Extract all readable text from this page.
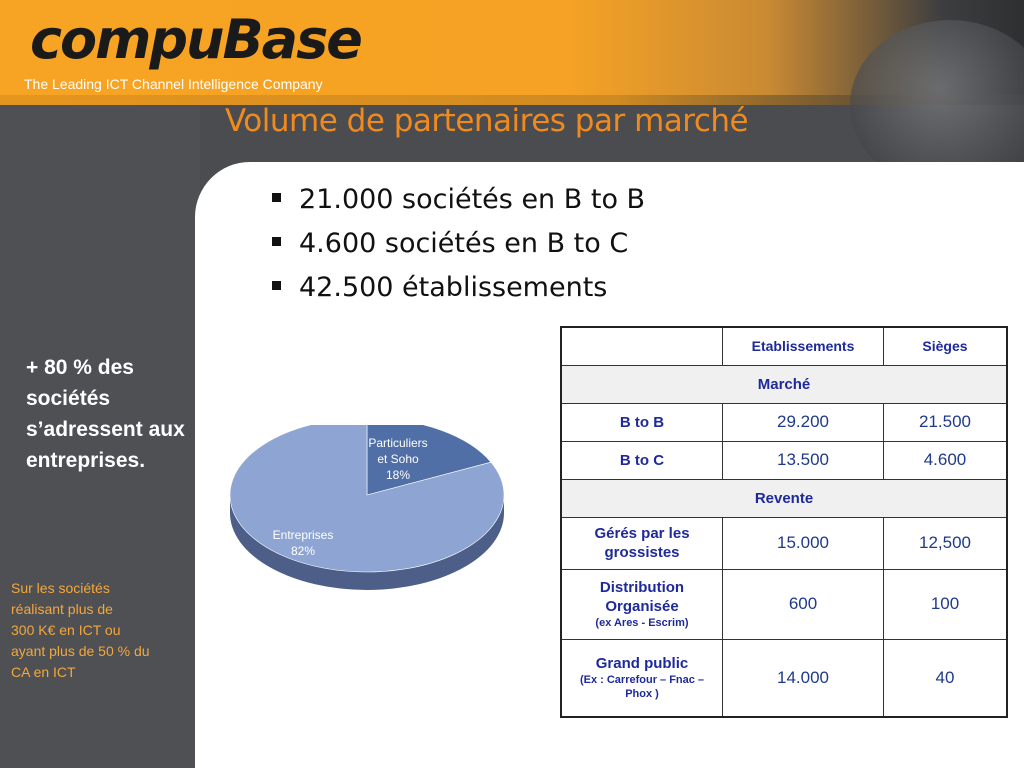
compuBase
The Leading ICT Channel Intelligence Company
Volume de partenaires par marché
21.000 sociétés en B to B
4.600 sociétés en B to C
42.500 établissements
+ 80 % des sociétés s’adressent aux entreprises.
Sur les sociétés
réalisant plus de
300 K€ en ICT ou
ayant plus de 50 % du
CA en ICT
Particuliers
et Soho
18%
Entreprises
82%
	Etablissements	Sièges
Marché		
B to B	29.200	21.500
B to C	13.500	4.600
Revente		
Gérés par les grossistes	15.000	12,500
Distribution Organisée
(ex Ares - Escrim)	600	100
Grand public
(Ex : Carrefour – Fnac – Phox )	14.000	40
